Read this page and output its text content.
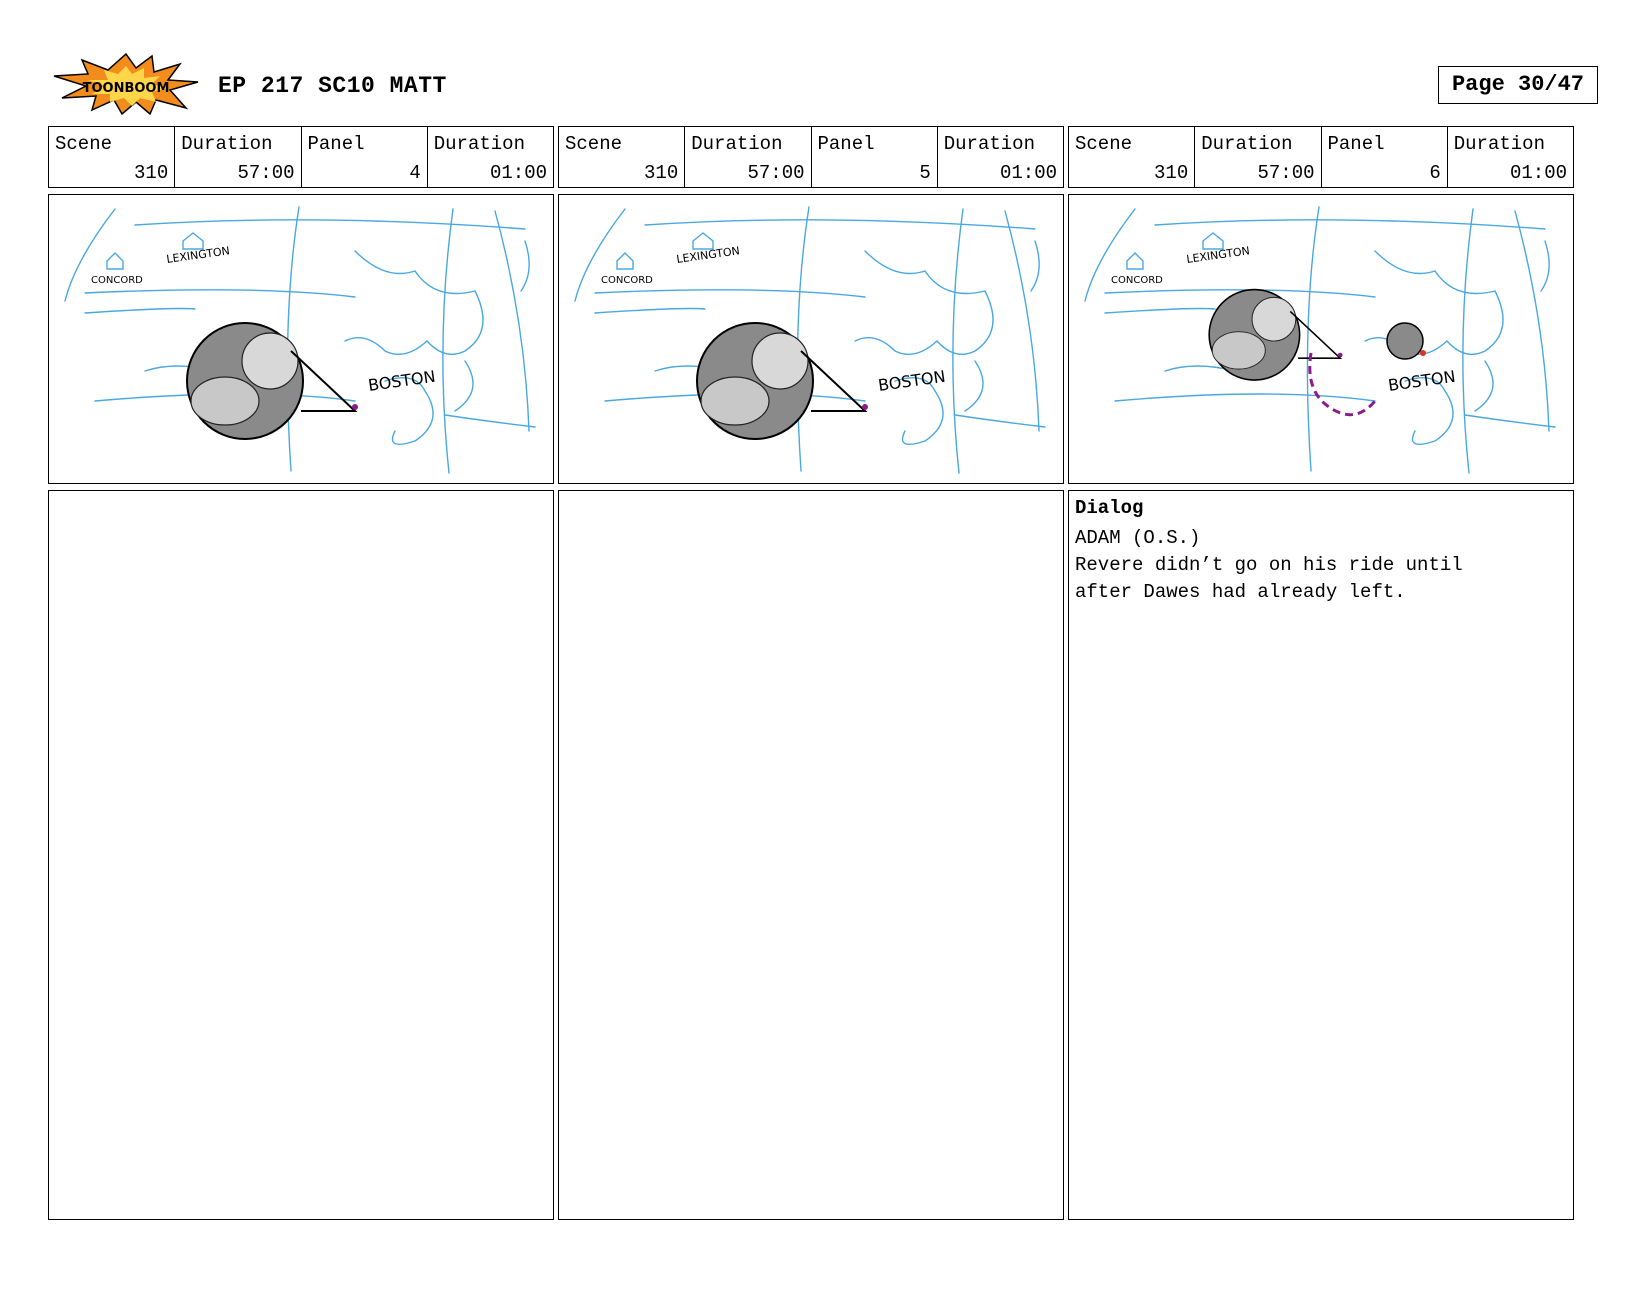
TOONBOOM EP 217 SC10 MATT	Page 30/47
Scene
310
Duration
57:00
Panel
4
Duration
01:00
CONCORD
LEXINGTON
BOSTON
Scene
310
Duration
57:00
Panel
5
Duration
01:00
CONCORD
LEXINGTON
BOSTON
Scene
310
Duration
57:00
Panel
6
Duration
01:00
CONCORD
LEXINGTON
BOSTON
Dialog
ADAM (O.S.)
Revere didn’t go on his ride until
after Dawes had already left.
